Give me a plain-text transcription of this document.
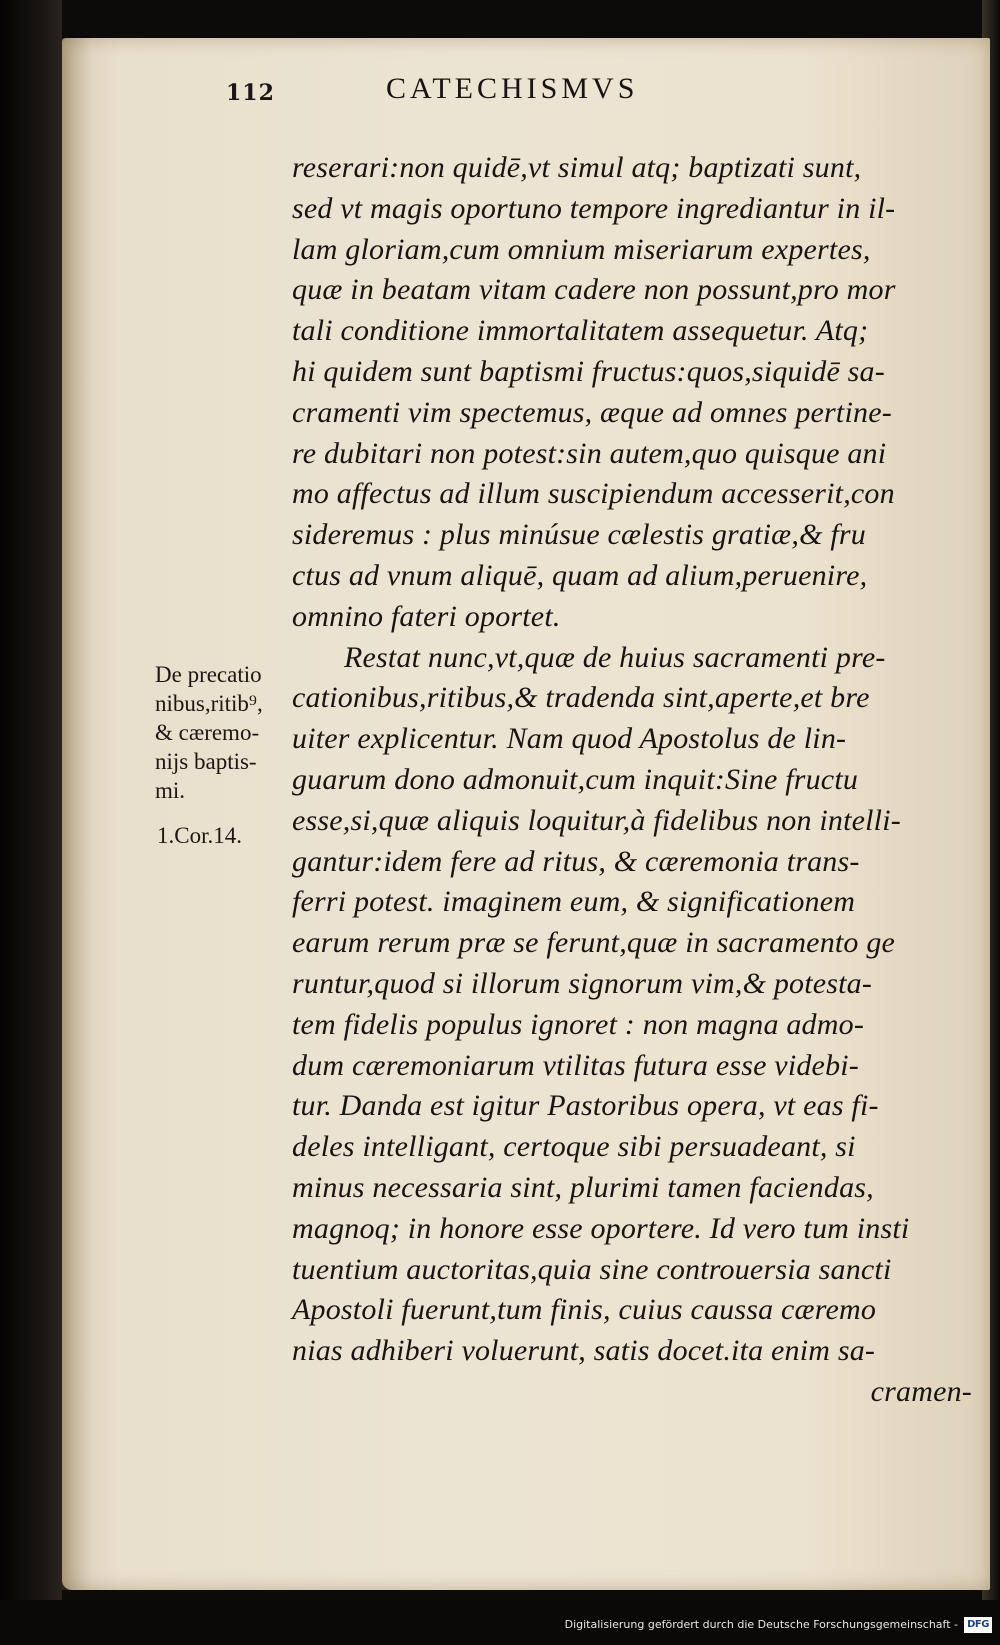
112	CATECHISMVS
De precatio
nibus,ritib⁹,
& cæremo-
nijs baptis-
mi.
1.Cor.14.
reserari:non quidē,vt simul atq; baptizati sunt,
sed vt magis oportuno tempore ingrediantur in il-
lam gloriam,cum omnium miseriarum expertes,
quæ in beatam vitam cadere non possunt,pro mor
tali conditione immortalitatem assequetur. Atq;
hi quidem sunt baptismi fructus:quos,siquidē sa-
cramenti vim spectemus, æque ad omnes pertine-
re dubitari non potest:sin autem,quo quisque ani
mo affectus ad illum suscipiendum accesserit,con
sideremus : plus minúsue cælestis gratiæ,& fru
ctus ad vnum aliquē, quam ad alium,peruenire,
omnino fateri oportet.
Restat nunc,vt,quæ de huius sacramenti pre-
cationibus,ritibus,& tradenda sint,aperte,et bre
uiter explicentur. Nam quod Apostolus de lin-
guarum dono admonuit,cum inquit:Sine fructu
esse,si,quæ aliquis loquitur,à fidelibus non intelli-
gantur:idem fere ad ritus, & cæremonia trans-
ferri potest. imaginem eum, & significationem
earum rerum præ se ferunt,quæ in sacramento ge
runtur,quod si illorum signorum vim,& potesta-
tem fidelis populus ignoret : non magna admo-
dum cæremoniarum vtilitas futura esse videbi-
tur. Danda est igitur Pastoribus opera, vt eas fi-
deles intelligant, certoque sibi persuadeant, si
minus necessaria sint, plurimi tamen faciendas,
magnoq; in honore esse oportere. Id vero tum insti
tuentium auctoritas,quia sine controuersia sancti
Apostoli fuerunt,tum finis, cuius caussa cæremo
nias adhiberi voluerunt, satis docet.ita enim sa-
cramen-
Digitalisierung gefördert durch die Deutsche Forschungsgemeinschaft - DFG
